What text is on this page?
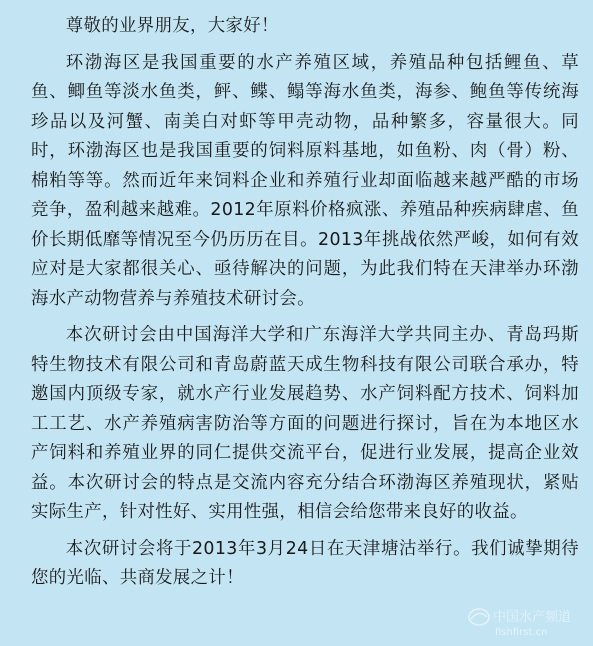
尊敬的业界朋友，大家好！

环渤海区是我国重要的水产养殖区域，养殖品种包括鲤鱼、草鱼、鲫鱼等淡水鱼类，鲆、鲽、鳎等海水鱼类，海参、鲍鱼等传统海珍品以及河蟹、南美白对虾等甲壳动物，品种繁多，容量很大。同时，环渤海区也是我国重要的饲料原料基地，如鱼粉、肉（骨）粉、棉粕等等。然而近年来饲料企业和养殖行业却面临越来越严酷的市场竞争，盈利越来越难。2012年原料价格疯涨、养殖品种疾病肆虐、鱼价长期低靡等情况至今仍历历在目。2013年挑战依然严峻，如何有效应对是大家都很关心、亟待解决的问题，为此我们特在天津举办环渤海水产动物营养与养殖技术研讨会。

本次研讨会由中国海洋大学和广东海洋大学共同主办、青岛玛斯特生物技术有限公司和青岛蔚蓝天成生物科技有限公司联合承办，特邀国内顶级专家，就水产行业发展趋势、水产饲料配方技术、饲料加工工艺、水产养殖病害防治等方面的问题进行探讨，旨在为本地区水产饲料和养殖业界的同仁提供交流平台，促进行业发展，提高企业效益。本次研讨会的特点是交流内容充分结合环渤海区养殖现状，紧贴实际生产，针对性好、实用性强，相信会给您带来良好的收益。

本次研讨会将于2013年3月24日在天津塘沽举行。我们诚挚期待您的光临、共商发展之计！

中国水产频道
fishfirst.cn
